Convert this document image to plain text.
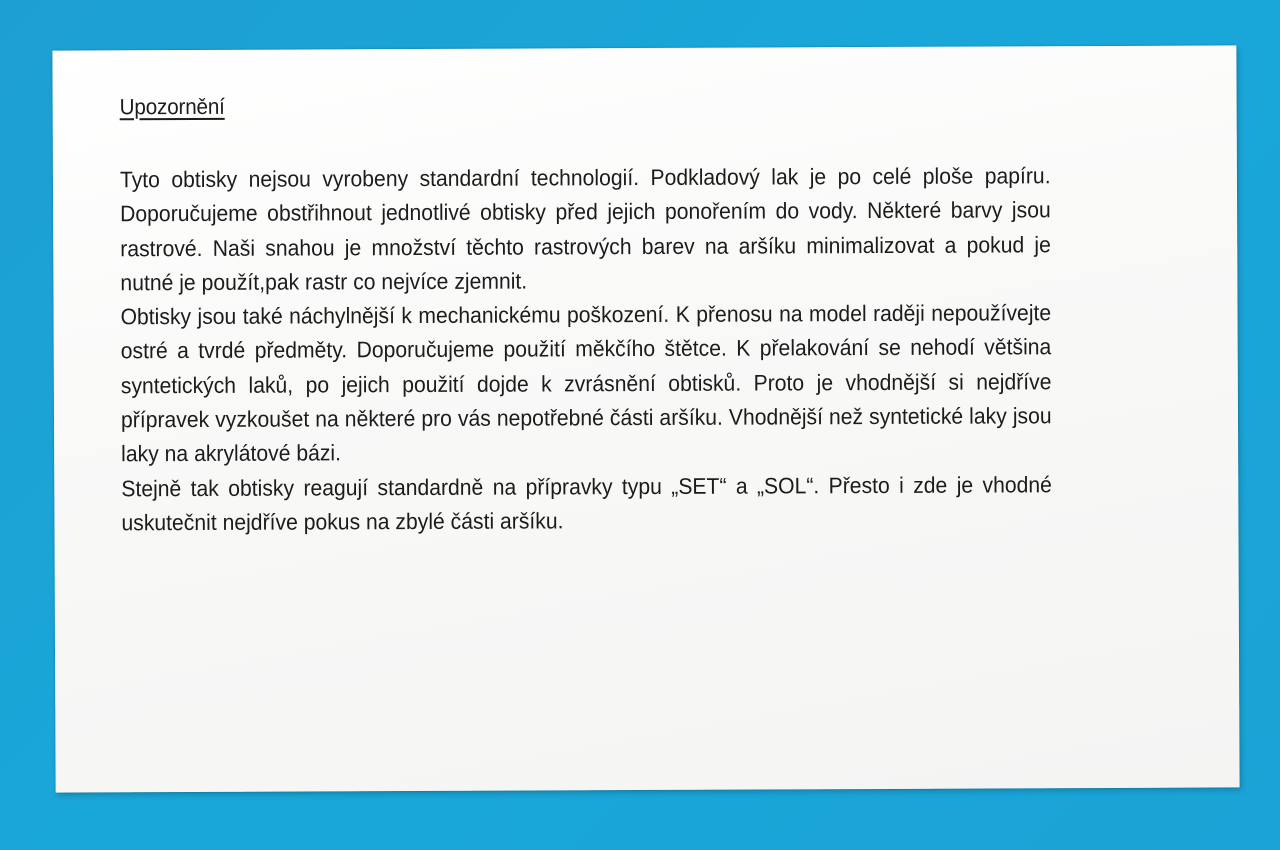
Upozornění

Tyto obtisky nejsou vyrobeny standardní technologií. Podkladový lak je po celé ploše papíru. Doporučujeme obstřihnout jednotlivé obtisky před jejich ponořením do vody. Některé barvy jsou rastrové. Naši snahou je množství těchto rastrových barev na aršíku minimalizovat a pokud je nutné je použít,pak rastr co nejvíce zjemnit.

Obtisky jsou také náchylnější k mechanickému poškození. K přenosu na model raději nepoužívejte ostré a tvrdé předměty. Doporučujeme použití měkčího štětce. K přelakování se nehodí většina syntetických laků, po jejich použití dojde k zvrásnění obtisků. Proto je vhodnější si nejdříve přípravek vyzkoušet na některé pro vás nepotřebné části aršíku. Vhodnější než syntetické laky jsou laky na akrylátové bázi.

Stejně tak obtisky reagují standardně na přípravky typu „SET“ a „SOL“. Přesto i zde je vhodné uskutečnit nejdříve pokus na zbylé části aršíku.
